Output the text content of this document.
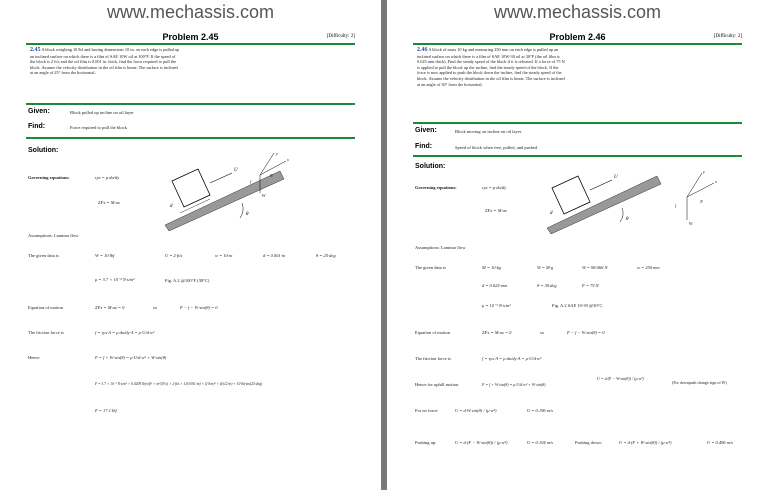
www.mechassis.com
Problem 2.45	[Difficulty: 2]
2.45 A block weighing 10 lbf and having dimensions 10 in. on each edge is pulled up an inclined surface on which there is a film of SAE 10W oil at 100°F. If the speed of the block is 2 ft/s and the oil film is 0.001 in. thick, find the force required to pull the block. Assume the velocity distribution in the oil film is linear. The surface is inclined at an angle of 25° from the horizontal.
Given:	Block pulled up incline on oil layer
Find:	Force required to pull the block
Solution:
Governing equations:	τyx = μ·du/dy
ΣFx = M·ax
U
d
θ
y
x
W
f
N
Assumptions: Laminar flow
The given data is	W = 10·lbf	U = 2·ft/s	w = 10·in	d = 0.001·in	θ = 25·deg
μ = 3.7 × 10⁻² N·s/m²	Fig. A.2 @100°F (38°C)
Equation of motion	ΣFx = M·ax = 0	so	F − f − W·sin(θ) = 0
The friction force is	f = τyx·A = μ·du/dy·A = μ·U/d·w²
Hence	F = f + W·sin(θ) = μ·U/d·w² + W·sin(θ)
F = 3.7 × 10⁻² N·s/m² × 0.0209 lbf·s/ft² × m²/(N·s) × 2·ft/s × 1/(0.001·in) × (10·in)² × ft/(12·in) + 10·lbf·sin(25·deg)
F = 17.1·lbf
www.mechassis.com
Problem 2.46	[Difficulty: 2]
2.46 A block of mass 10 kg and measuring 250 mm on each edge is pulled up an inclined surface on which there is a film of SAE 10W-30 oil at 30°F (the oil film is 0.025 mm thick). Find the steady speed of the block if it is released. If a force of 75 N is applied to pull the block up the incline, find the steady speed of the block. If the force is now applied to push the block down the incline, find the steady speed of the block. Assume the velocity distribution in the oil film is linear. The surface is inclined at an angle of 30° from the horizontal.
Given:	Block moving on incline on oil layer
Find:	Speed of block when free, pulled, and pushed
Solution:
Governing equations:	τyx = μ·du/dy
ΣFx = M·ax
U
d
θ
y
x
W
f
N
Assumptions: Laminar flow
The given data is	M = 10·kg	W = M·g	W = 98.066·N	w = 250·mm
d = 0.025·mm	θ = 30·deg	F = 75·N
μ = 10⁻¹ N·s/m²	Fig. A.2 SAE 10-39 @30°C
Equation of motion	ΣFx = M·ax = 0	so	F − f − W·sin(θ) = 0
The friction force is	f = τyx·A = μ·du/dy·A = μ·U/d·w²
Hence for uphill motion	F = f + W·sin(θ) = μ·U/d·w² + W·sin(θ)
U = d·(F − W·sin(θ)) / (μ·w²)
(For downpush change sign of W)
For no force:	U = d·W·sin(θ) / (μ·w²)	U = 0.196 m/s
Pushing up:	U = d·(F − W·sin(θ)) / (μ·w²)	U = 0.104 m/s	Pushing down:	U = d·(F + W·sin(θ)) / (μ·w²)	U = 0.496 m/s
